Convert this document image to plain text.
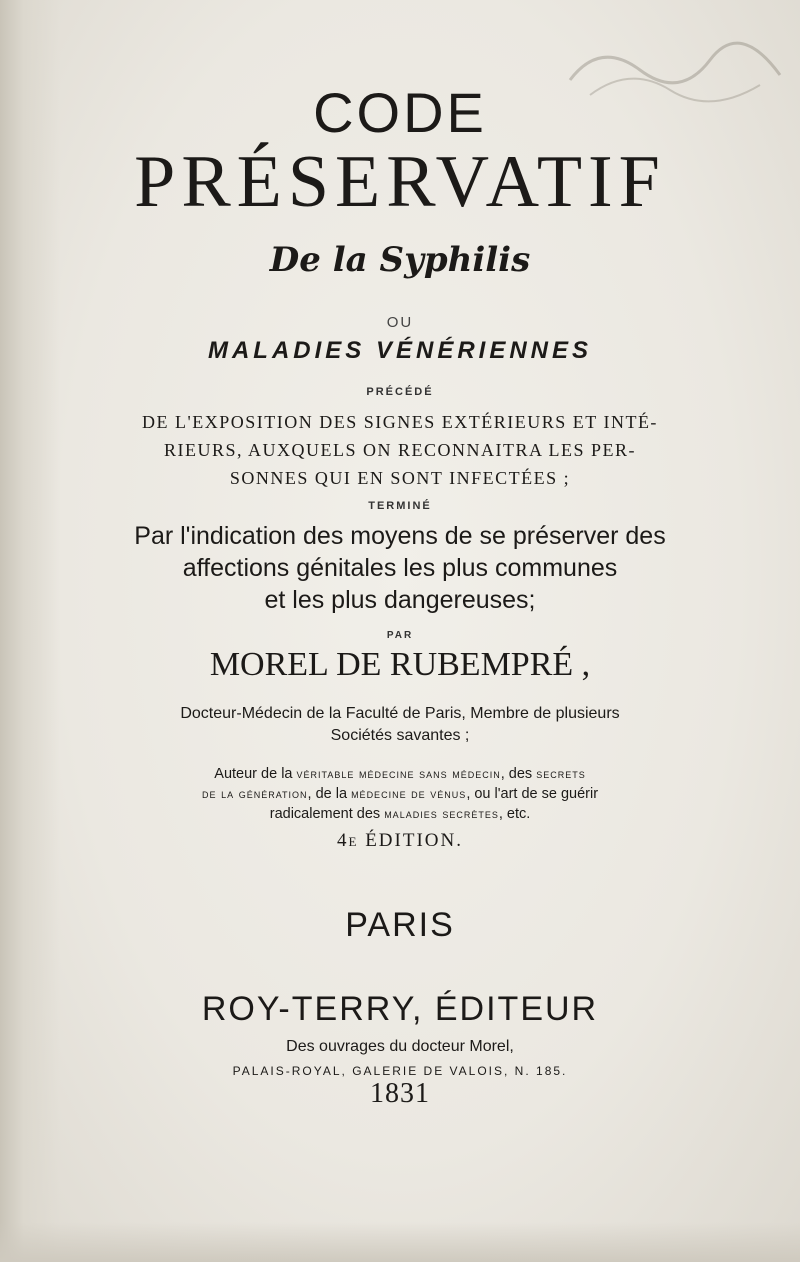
CODE
PRÉSERVATIF
De la Syphilis
OU
MALADIES VÉNÉRIENNES
PRÉCÉDÉ
DE L'EXPOSITION DES SIGNES EXTÉRIEURS ET INTÉ-
RIEURS, AUXQUELS ON RECONNAITRA LES PER-
SONNES QUI EN SONT INFECTÉES ;
TERMINÉ
Par l'indication des moyens de se préserver des
affections génitales les plus communes
et les plus dangereuses;
PAR
MOREL DE RUBEMPRÉ ,
Docteur-Médecin de la Faculté de Paris, Membre de plusieurs
Sociétés savantes ;
Auteur de la véritable médecine sans médecin, des secrets
de la génération, de la médecine de vénus, ou l'art de se guérir
radicalement des maladies secrètes, etc.
4e ÉDITION.
PARIS
ROY-TERRY, ÉDITEUR
Des ouvrages du docteur Morel,
PALAIS-ROYAL, GALERIE DE VALOIS, N. 185.
1831
